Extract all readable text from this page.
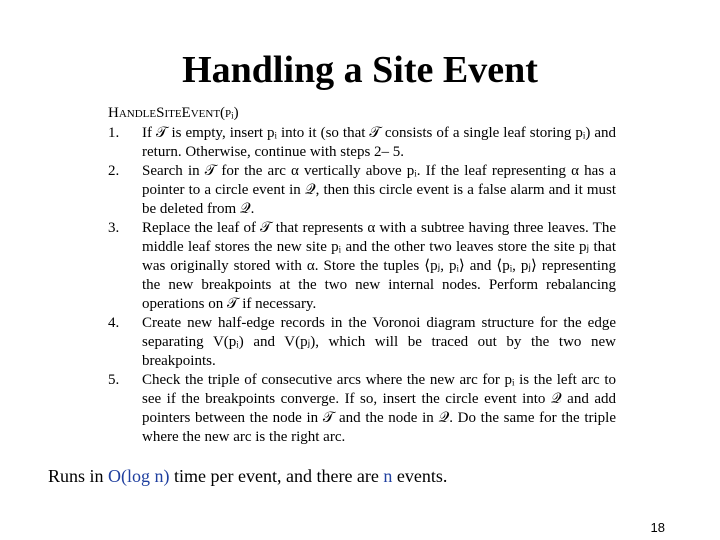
Handling a Site Event
HandleSiteEvent(pᵢ)
1.	If 𝒯 is empty, insert pᵢ into it (so that 𝒯 consists of a single leaf storing pᵢ) and return. Otherwise, continue with steps 2– 5.
2.	Search in 𝒯 for the arc α vertically above pᵢ. If the leaf representing α has a pointer to a circle event in 𝒬, then this circle event is a false alarm and it must be deleted from 𝒬.
3.	Replace the leaf of 𝒯 that represents α with a subtree having three leaves. The middle leaf stores the new site pᵢ and the other two leaves store the site pⱼ that was originally stored with α. Store the tuples ⟨pⱼ, pᵢ⟩ and ⟨pᵢ, pⱼ⟩ representing the new breakpoints at the two new internal nodes. Perform rebalancing operations on 𝒯 if necessary.
4.	Create new half-edge records in the Voronoi diagram structure for the edge separating V(pᵢ) and V(pⱼ), which will be traced out by the two new breakpoints.
5.	Check the triple of consecutive arcs where the new arc for pᵢ is the left arc to see if the breakpoints converge. If so, insert the circle event into 𝒬 and add pointers between the node in 𝒯 and the node in 𝒬. Do the same for the triple where the new arc is the right arc.
Runs in O(log n) time per event, and there are n events.
18
